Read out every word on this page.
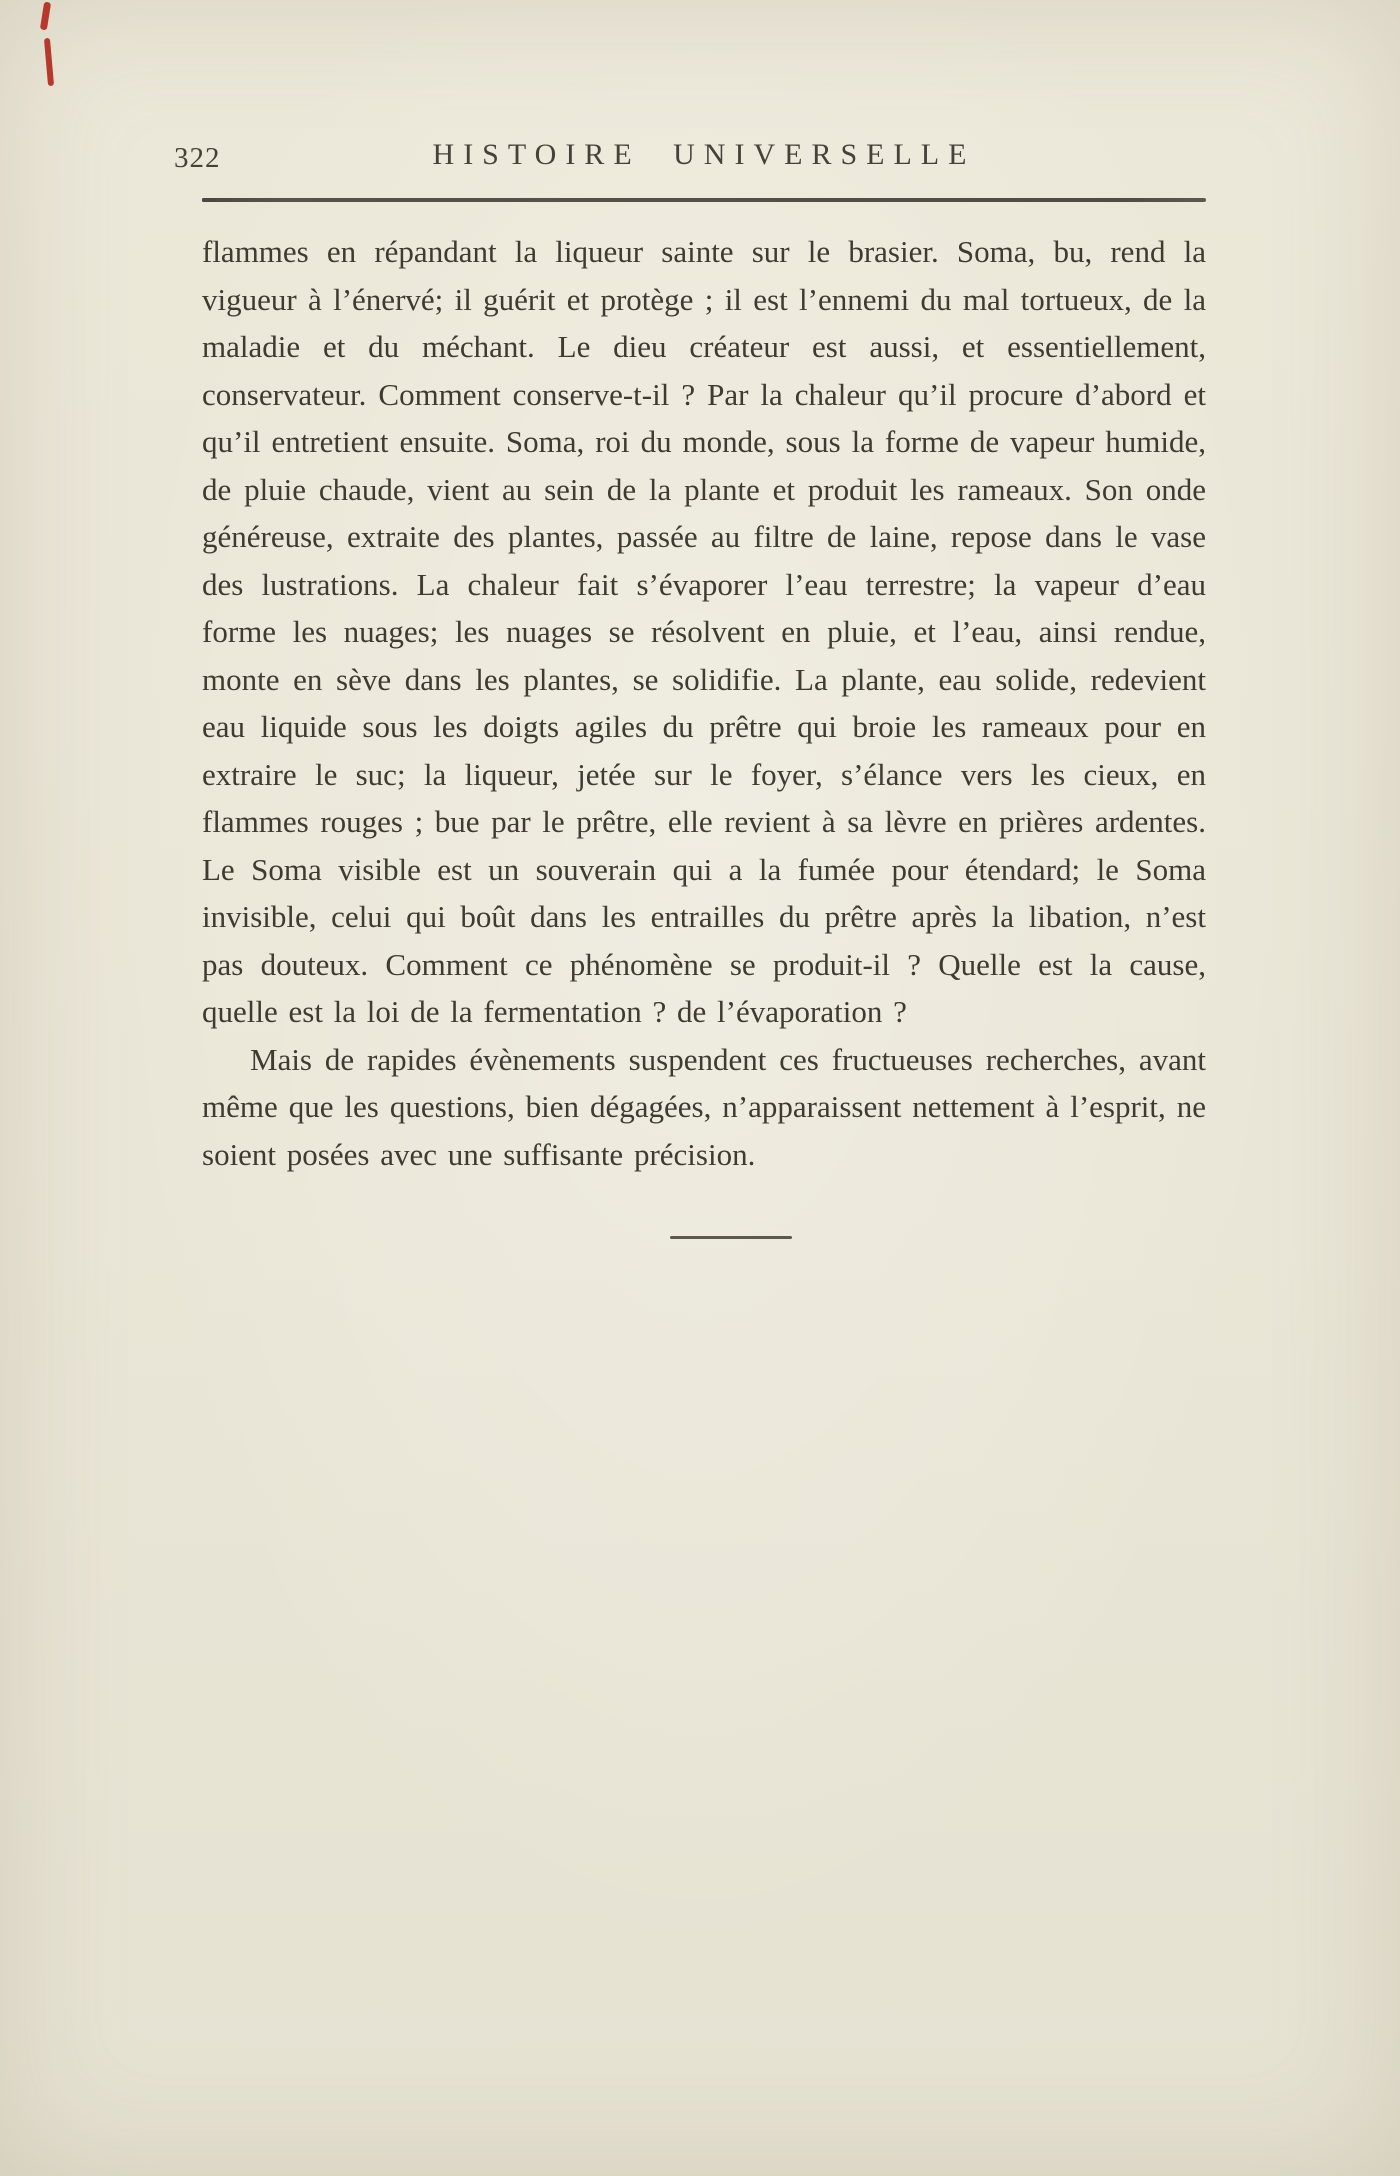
322	HISTOIRE UNIVERSELLE

flammes en répandant la liqueur sainte sur le brasier. Soma, bu, rend la vigueur à l’énervé; il guérit et protège ; il est l’ennemi du mal tortueux, de la maladie et du méchant. Le dieu créateur est aussi, et essentiellement, conservateur. Comment conserve-t-il ? Par la chaleur qu’il procure d’abord et qu’il entretient ensuite. Soma, roi du monde, sous la forme de vapeur humide, de pluie chaude, vient au sein de la plante et produit les rameaux. Son onde généreuse, extraite des plantes, passée au filtre de laine, repose dans le vase des lustrations. La chaleur fait s’évaporer l’eau terrestre; la vapeur d’eau forme les nuages; les nuages se résolvent en pluie, et l’eau, ainsi rendue, monte en sève dans les plantes, se solidifie. La plante, eau solide, redevient eau liquide sous les doigts agiles du prêtre qui broie les rameaux pour en extraire le suc; la liqueur, jetée sur le foyer, s’élance vers les cieux, en flammes rouges ; bue par le prêtre, elle revient à sa lèvre en prières ardentes. Le Soma visible est un souverain qui a la fumée pour étendard; le Soma invisible, celui qui boût dans les entrailles du prêtre après la libation, n’est pas douteux. Comment ce phénomène se produit-il ? Quelle est la cause, quelle est la loi de la fermentation ? de l’évaporation ?

Mais de rapides évènements suspendent ces fructueuses recherches, avant même que les questions, bien dégagées, n’apparaissent nettement à l’esprit, ne soient posées avec une suffisante précision.
